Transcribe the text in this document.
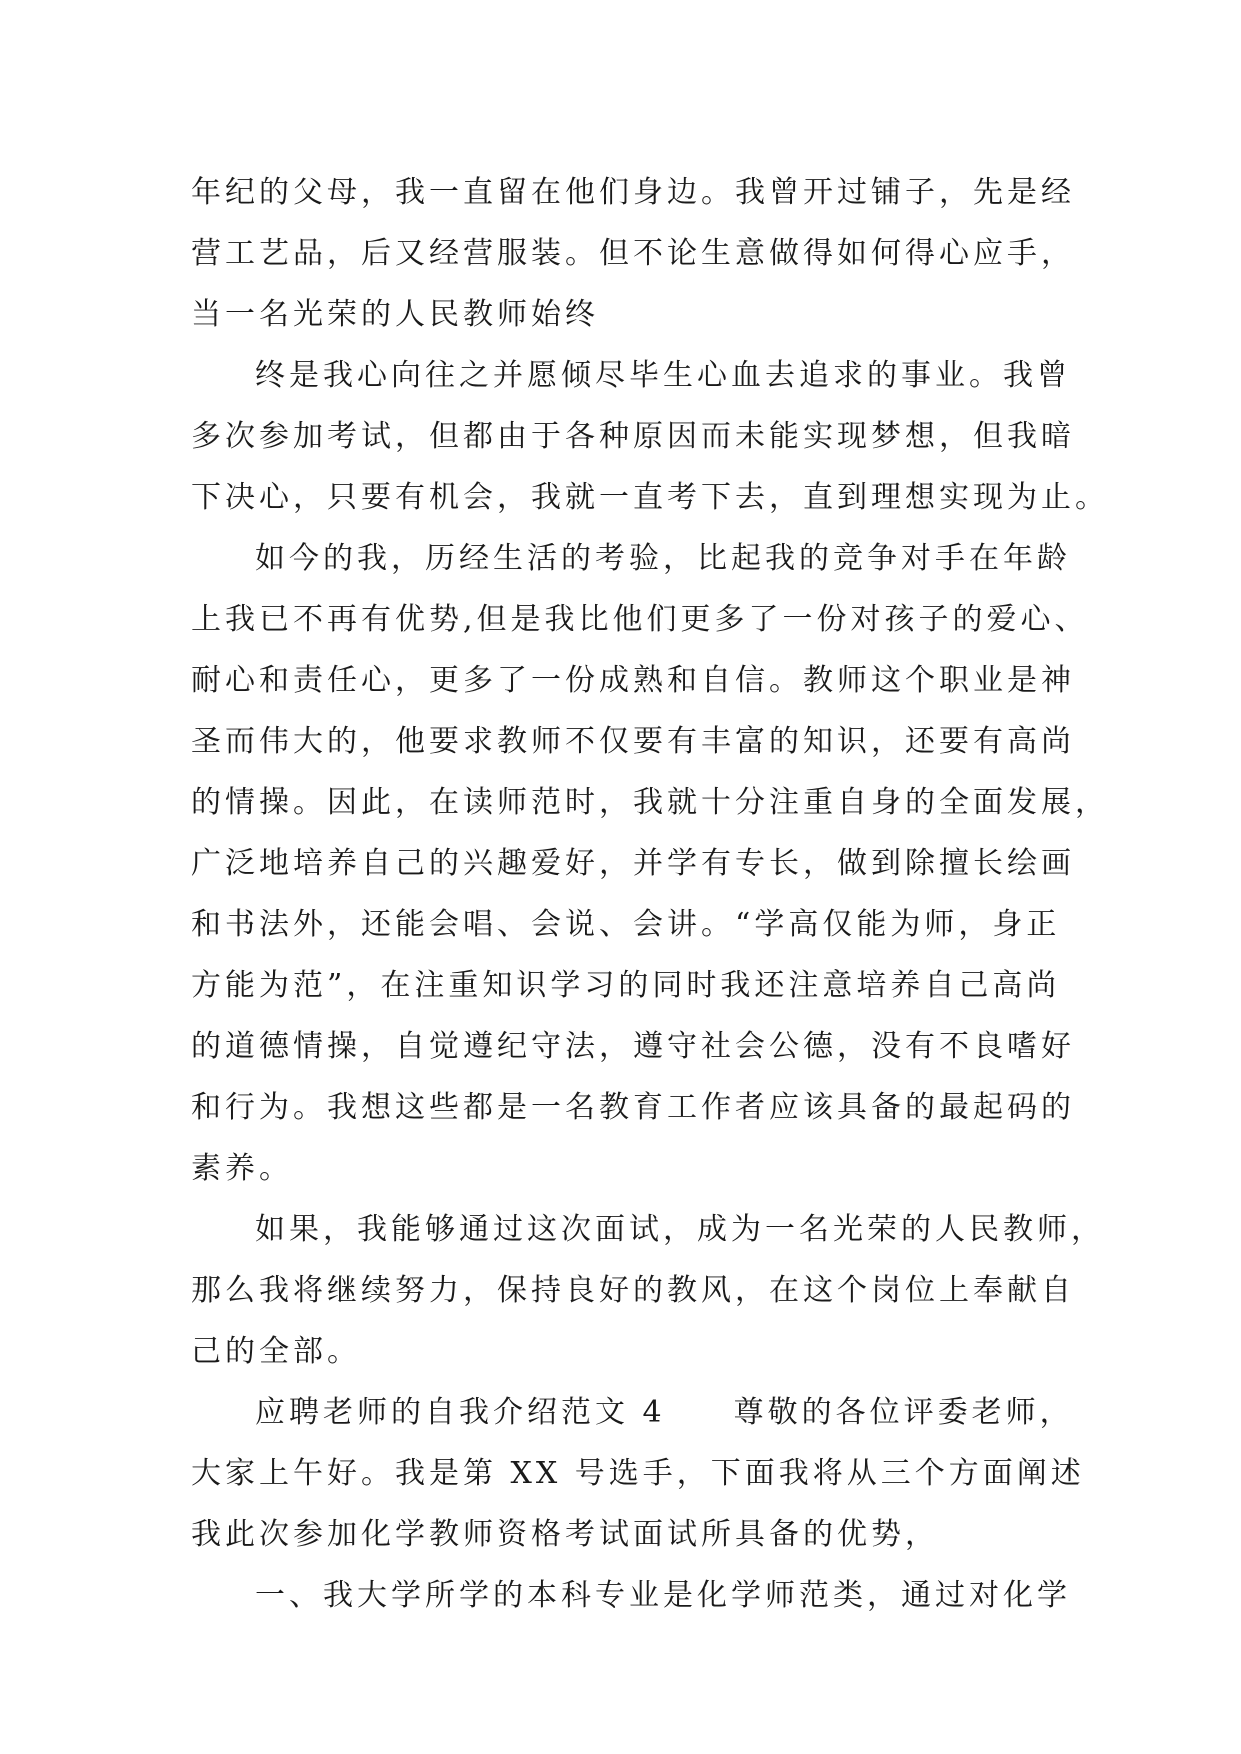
年纪的父母，我一直留在他们身边。我曾开过铺子，先是经
营工艺品，后又经营服装。但不论生意做得如何得心应手，
当一名光荣的人民教师始终
终是我心向往之并愿倾尽毕生心血去追求的事业。我曾
多次参加考试，但都由于各种原因而未能实现梦想，但我暗
下决心，只要有机会，我就一直考下去，直到理想实现为止。
如今的我，历经生活的考验，比起我的竞争对手在年龄
上我已不再有优势,但是我比他们更多了一份对孩子的爱心、
耐心和责任心，更多了一份成熟和自信。教师这个职业是神
圣而伟大的，他要求教师不仅要有丰富的知识，还要有高尚
的情操。因此，在读师范时，我就十分注重自身的全面发展，
广泛地培养自己的兴趣爱好，并学有专长，做到除擅长绘画
和书法外，还能会唱、会说、会讲。“学高仅能为师，身正
方能为范”，在注重知识学习的同时我还注意培养自己高尚
的道德情操，自觉遵纪守法，遵守社会公德，没有不良嗜好
和行为。我想这些都是一名教育工作者应该具备的最起码的
素养。
如果，我能够通过这次面试，成为一名光荣的人民教师，
那么我将继续努力，保持良好的教风，在这个岗位上奉献自
己的全部。
应聘老师的自我介绍范文 4　　尊敬的各位评委老师，
大家上午好。我是第 XX 号选手，下面我将从三个方面阐述
我此次参加化学教师资格考试面试所具备的优势，
一、我大学所学的本科专业是化学师范类，通过对化学
